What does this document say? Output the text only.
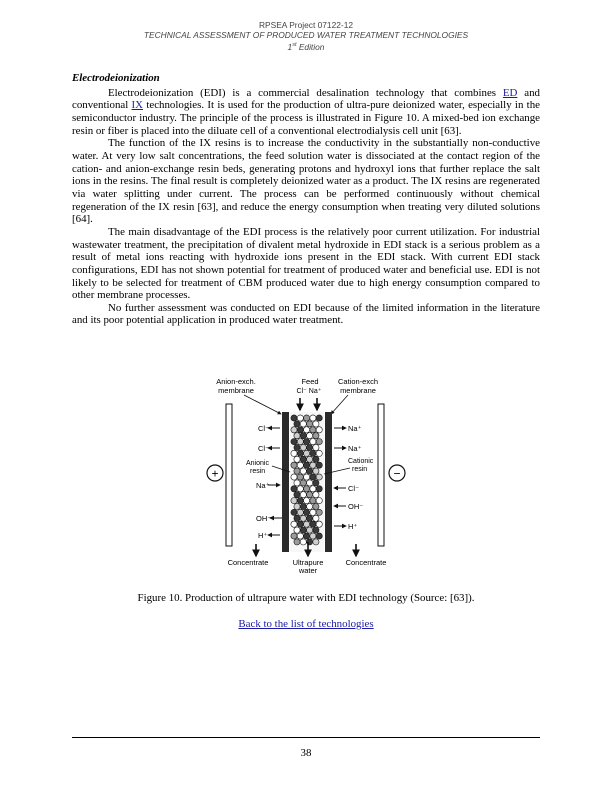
RPSEA Project 07122-12
TECHNICAL ASSESSMENT OF PRODUCED WATER TREATMENT TECHNOLOGIES
1st Edition

Electrodeionization

Electrodeionization (EDI) is a commercial desalination technology that combines ED and conventional IX technologies. It is used for the production of ultra-pure deionized water, especially in the semiconductor industry. The principle of the process is illustrated in Figure 10. A mixed-bed ion exchange resin or fiber is placed into the diluate cell of a conventional electrodialysis cell unit [63].

The function of the IX resins is to increase the conductivity in the substantially non-conductive water. At very low salt concentrations, the feed solution water is dissociated at the contact region of the cation- and anion-exchange resin beds, generating protons and hydroxyl ions that further replace the salt ions in the resins. The final result is completely deionized water as a product. The IX resins are regenerated via water splitting under current. The process can be performed continuously without chemical regeneration of the IX resin [63], and reduce the energy consumption when treating very diluted solutions [64].

The main disadvantage of the EDI process is the relatively poor current utilization. For industrial wastewater treatment, the precipitation of divalent metal hydroxide in EDI stack is a serious problem as a result of metal ions reacting with hydroxide ions present in the EDI stack. With current EDI stack configurations, EDI has not shown potential for treatment of produced water and beneficial use. EDI is not likely to be selected for treatment of CBM produced water due to high energy consumption compared to other membrane processes.

No further assessment was conducted on EDI because of the limited information in the literature and its poor potential application in produced water treatment.

Anion-exch.
membrane
Feed
Cl⁻ Na⁺
Cation-exch
membrane
+	−
Cl⁻
Cl⁻
Anionic
resin
Na⁺
OH⁻
H⁺
Na⁺
Na⁺
Cationic
resin
Cl⁻
OH⁻
H⁺
Concentrate	Ultrapure
water
Concentrate
Figure 10. Production of ultrapure water with EDI technology (Source: [63]).
Back to the list of technologies
38
